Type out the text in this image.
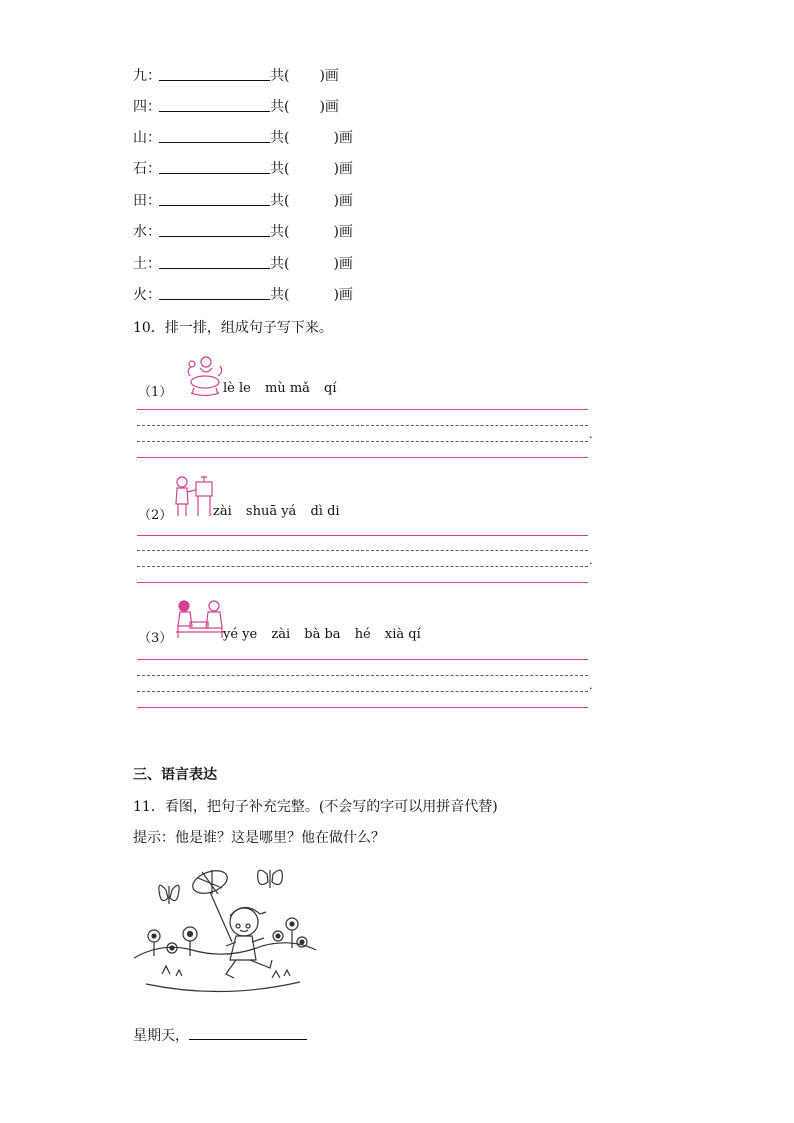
九：	共( )画
四：	共( )画
山：	共(	)画
石：	共(	)画
田：	共(	)画
水：	共(	)画
土：	共(	)画
火：	共(	)画
10．排一排，组成句子写下来。
（1）	lè le mù mǎ qí
.
（2）	zài shuā yá dì di
.
（3）	yé ye zài bà ba hé xià qí
.
三、语言表达
11．看图，把句子补充完整。(不会写的字可以用拼音代替)
提示：他是谁？这是哪里？他在做什么？
星期天，
